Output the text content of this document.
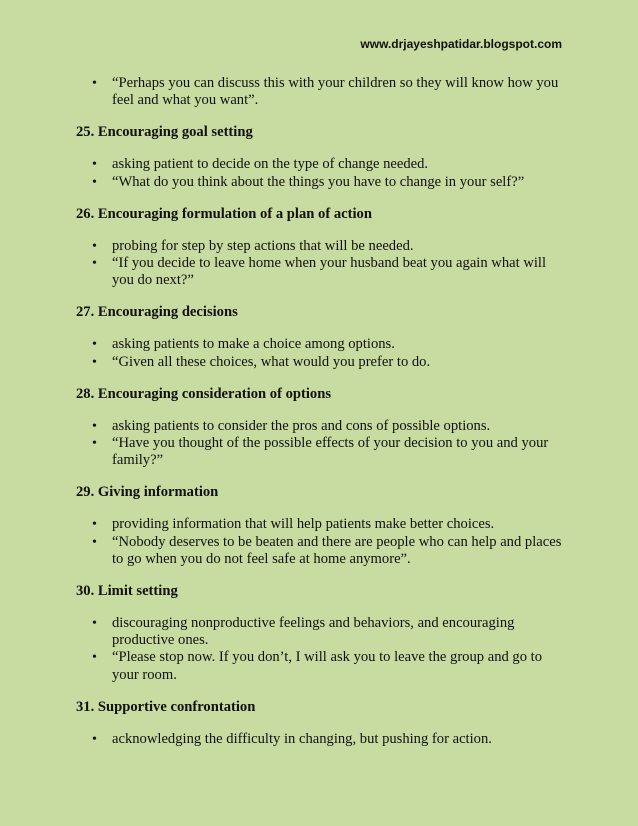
www.drjayeshpatidar.blogspot.com
• “Perhaps you can discuss this with your children so they will know how you feel and what you want”.
25. Encouraging goal setting
• asking patient to decide on the type of change needed.
• “What do you think about the things you have to change in your self?”
26. Encouraging formulation of a plan of action
• probing for step by step actions that will be needed.
• “If you decide to leave home when your husband beat you again what will you do next?”
27. Encouraging decisions
• asking patients to make a choice among options.
• “Given all these choices, what would you prefer to do.
28. Encouraging consideration of options
• asking patients to consider the pros and cons of possible options.
• “Have you thought of the possible effects of your decision to you and your family?”
29. Giving information
• providing information that will help patients make better choices.
• “Nobody deserves to be beaten and there are people who can help and places to go when you do not feel safe at home anymore”.
30. Limit setting
• discouraging nonproductive feelings and behaviors, and encouraging productive ones.
• “Please stop now. If you don’t, I will ask you to leave the group and go to your room.
31. Supportive confrontation
• acknowledging the difficulty in changing, but pushing for action.
